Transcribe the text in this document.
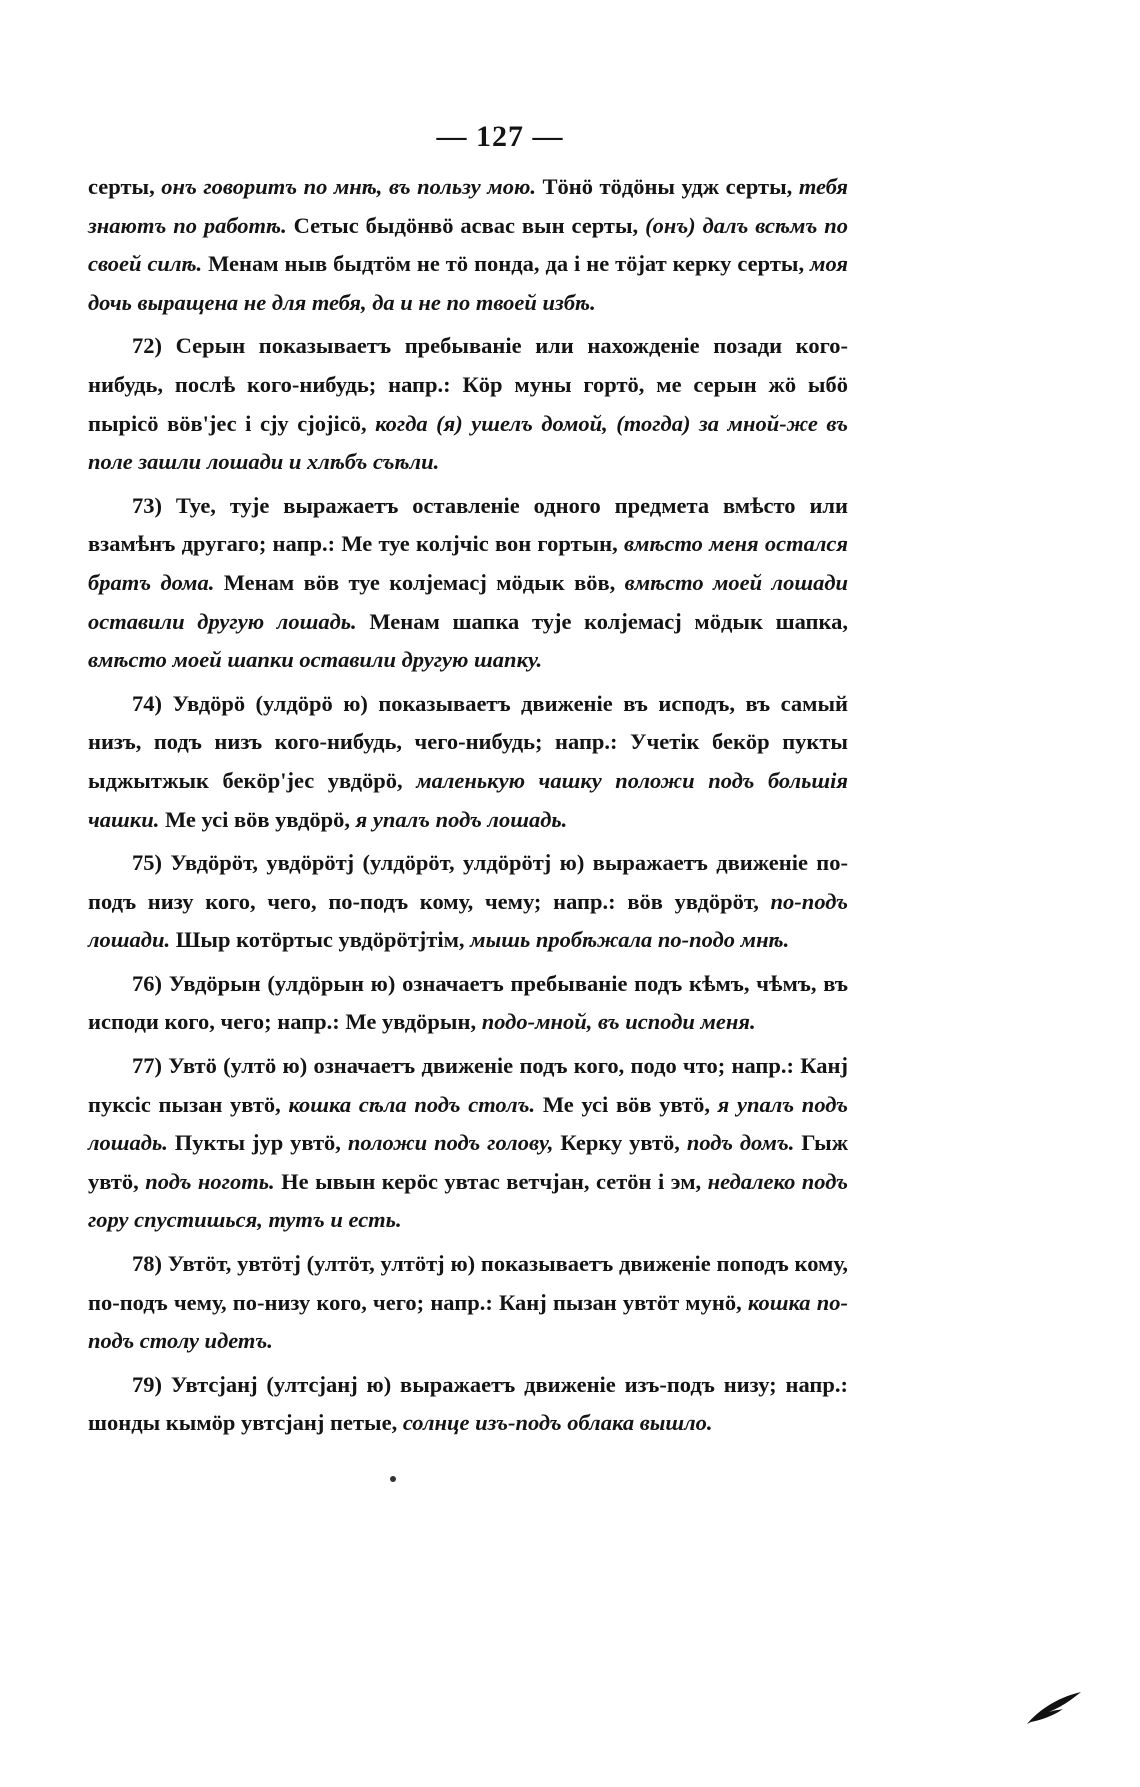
— 127 —

серты, онъ говоритъ по мнѣ, въ пользу мою. Тöнö тöдöны удж серты, тебя знаютъ по работѣ. Сетыс быдöнвö асвас вын серты, (онъ) далъ всѣмъ по своей силѣ. Менам ныв быдтöм не тö понда, да і не тöјат керку серты, моя дочь выращена не для тебя, да и не по твоей избѣ.

72) Серын показываетъ пребываніе или нахожденіе позади кого-нибудь, послѣ кого-нибудь; напр.: Кöр муны гортö, ме серын жö ыбö пырісö вöв'јес і сју сјојісö, когда (я) ушелъ домой, (тогда) за мной-же въ поле зашли лошади и хлѣбъ съѣли.

73) Туе, тује выражаетъ оставленіе одного предмета вмѣсто или взамѣнъ другаго; напр.: Ме туе колјчіс вон гортын, вмѣсто меня остался братъ дома. Менам вöв туе колјемасј мöдык вöв, вмѣсто моей лошади оставили другую лошадь. Менам шапка тује колјемасј мöдык шапка, вмѣсто моей шапки оставили другую шапку.

74) Увдöрö (улдöрö ю) показываетъ движеніе въ исподъ, въ самый низъ, подъ низъ кого-нибудь, чего-нибудь; напр.: Учетік бекöр пукты ыджытжык бекöр'јес увдöрö, маленькую чашку положи подъ большія чашки. Ме усі вöв увдöрö, я упалъ подъ лошадь.

75) Увдöрöт, увдöрöтј (улдöрöт, улдöрöтј ю) выражаетъ движеніе по-подъ низу кого, чего, по-подъ кому, чему; напр.: вöв увдöрöт, по-подъ лошади. Шыр котöртыс увдöрöтјтім, мышь пробѣжала по-подо мнѣ.

76) Увдöрын (улдöрын ю) означаетъ пребываніе подъ кѣмъ, чѣмъ, въ исподи кого, чего; напр.: Ме увдöрын, подо-мной, въ исподи меня.

77) Увтö (ултö ю) означаетъ движеніе подъ кого, подо что; напр.: Канј пуксіс пызан увтö, кошка сѣла подъ столъ. Ме усі вöв увтö, я упалъ подъ лошадь. Пукты јур увтö, положи подъ голову, Керку увтö, подъ домъ. Гыж увтö, подъ ноготь. Не ывын керöс увтас ветчјан, сетöн і эм, недалеко подъ гору спустишься, тутъ и есть.

78) Увтöт, увтöтј (ултöт, ултöтј ю) показываетъ движеніе поподъ кому, по-подъ чему, по-низу кого, чего; напр.: Канј пызан увтöт мунö, кошка по-подъ столу идетъ.

79) Увтсјанј (ултсјанј ю) выражаетъ движеніе изъ-подъ низу; напр.: шонды кымöр увтсјанј петые, солнце изъ-подъ облака вышло.
